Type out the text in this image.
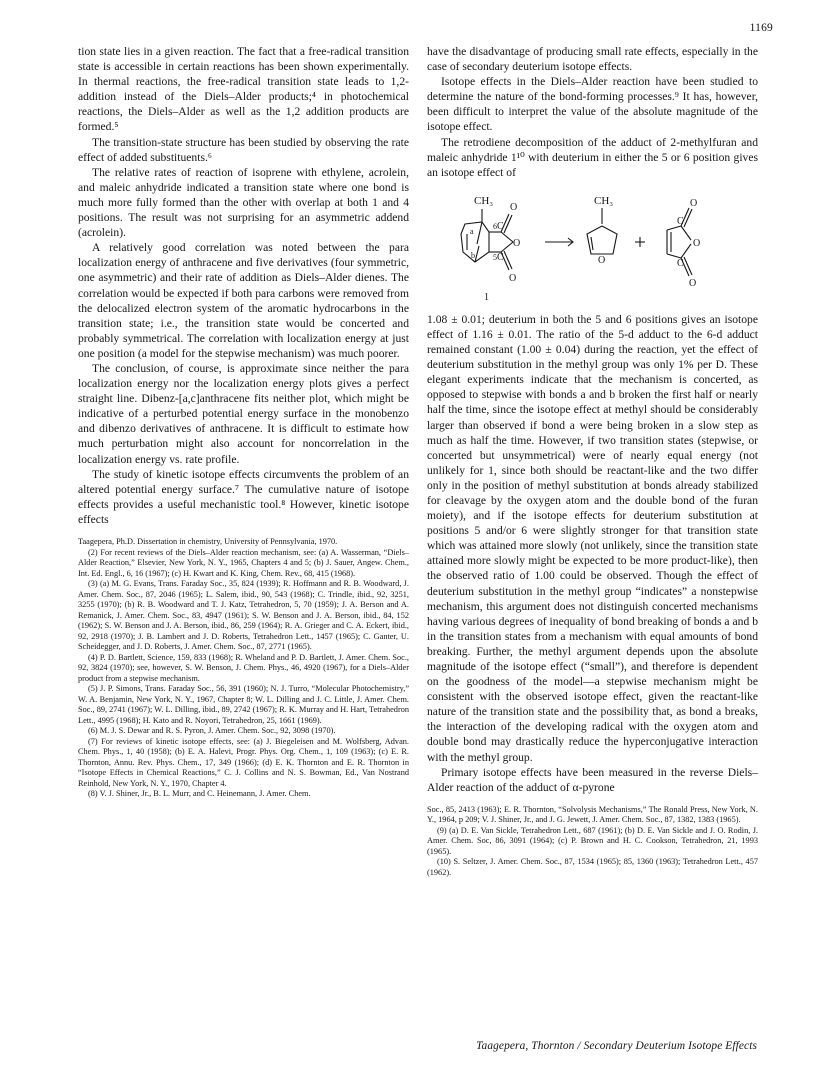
1169

tion state lies in a given reaction. The fact that a free-radical transition state is accessible in certain reactions has been shown experimentally. In thermal reactions, the free-radical transition state leads to 1,2-addition instead of the Diels–Alder products;⁴ in photochemical reactions, the Diels–Alder as well as the 1,2 addition products are formed.⁵

The transition-state structure has been studied by observing the rate effect of added substituents.⁶

The relative rates of reaction of isoprene with ethylene, acrolein, and maleic anhydride indicated a transition state where one bond is much more fully formed than the other with overlap at both 1 and 4 positions. The result was not surprising for an asymmetric addend (acrolein).

A relatively good correlation was noted between the para localization energy of anthracene and five derivatives (four symmetric, one asymmetric) and their rate of addition as Diels–Alder dienes. The correlation would be expected if both para carbons were removed from the delocalized electron system of the aromatic hydrocarbons in the transition state; i.e., the transition state would be concerted and probably symmetrical. The correlation with localization energy at just one position (a model for the stepwise mechanism) was much poorer.

The conclusion, of course, is approximate since neither the para localization energy nor the localization energy plots gives a perfect straight line. Dibenz-[a,c]anthracene fits neither plot, which might be indicative of a perturbed potential energy surface in the monobenzo and dibenzo derivatives of anthracene. It is difficult to estimate how much perturbation might also account for noncorrelation in the localization energy vs. rate profile.

The study of kinetic isotope effects circumvents the problem of an altered potential energy surface.⁷ The cumulative nature of isotope effects provides a useful mechanistic tool.⁸ However, kinetic isotope effects

Taagepera, Ph.D. Dissertation in chemistry, University of Pennsylvania, 1970.

(2) For recent reviews of the Diels–Alder reaction mechanism, see: (a) A. Wasserman, “Diels–Alder Reaction,” Elsevier, New York, N. Y., 1965, Chapters 4 and 5; (b) J. Sauer, Angew. Chem., Int. Ed. Engl., 6, 16 (1967); (c) H. Kwart and K. King, Chem. Rev., 68, 415 (1968).

(3) (a) M. G. Evans, Trans. Faraday Soc., 35, 824 (1939); R. Hoffmann and R. B. Woodward, J. Amer. Chem. Soc., 87, 2046 (1965); L. Salem, ibid., 90, 543 (1968); C. Trindle, ibid., 92, 3251, 3255 (1970); (b) R. B. Woodward and T. J. Katz, Tetrahedron, 5, 70 (1959); J. A. Berson and A. Remanick, J. Amer. Chem. Soc., 83, 4947 (1961); S. W. Benson and J. A. Berson, ibid., 84, 152 (1962); S. W. Benson and J. A. Berson, ibid., 86, 259 (1964); R. A. Grieger and C. A. Eckert, ibid., 92, 2918 (1970); J. B. Lambert and J. D. Roberts, Tetrahedron Lett., 1457 (1965); C. Ganter, U. Scheidegger, and J. D. Roberts, J. Amer. Chem. Soc., 87, 2771 (1965).

(4) P. D. Bartlett, Science, 159, 833 (1968); R. Wheland and P. D. Bartlett, J. Amer. Chem. Soc., 92, 3824 (1970); see, however, S. W. Benson, J. Chem. Phys., 46, 4920 (1967), for a Diels–Alder product from a stepwise mechanism.

(5) J. P. Simons, Trans. Faraday Soc., 56, 391 (1960); N. J. Turro, “Molecular Photochemistry,” W. A. Benjamin, New York, N. Y., 1967, Chapter 8; W. L. Dilling and J. C. Little, J. Amer. Chem. Soc., 89, 2741 (1967); W. L. Dilling, ibid., 89, 2742 (1967); R. K. Murray and H. Hart, Tetrahedron Lett., 4995 (1968); H. Kato and R. Noyori, Tetrahedron, 25, 1661 (1969).

(6) M. J. S. Dewar and R. S. Pyron, J. Amer. Chem. Soc., 92, 3098 (1970).

(7) For reviews of kinetic isotope effects, see: (a) J. Biegeleisen and M. Wolfsberg, Advan. Chem. Phys., 1, 40 (1958); (b) E. A. Halevi, Progr. Phys. Org. Chem., 1, 109 (1963); (c) E. R. Thornton, Annu. Rev. Phys. Chem., 17, 349 (1966); (d) E. K. Thornton and E. R. Thornton in “Isotope Effects in Chemical Reactions,” C. J. Collins and N. S. Bowman, Ed., Van Nostrand Reinhold, New York, N. Y., 1970, Chapter 4.

(8) V. J. Shiner, Jr., B. L. Murr, and C. Heinemann, J. Amer. Chem.

have the disadvantage of producing small rate effects, especially in the case of secondary deuterium isotope effects.

Isotope effects in the Diels–Alder reaction have been studied to determine the nature of the bond-forming processes.⁹ It has, however, been difficult to interpret the value of the absolute magnitude of the isotope effect.

The retrodiene decomposition of the adduct of 2-methylfuran and maleic anhydride 1¹⁰ with deuterium in either the 5 or 6 position gives an isotope effect of

CH₃
6
5
a
b
C
C
O
O
O
1
CH₃
O
C
C
O
O
O

1.08 ± 0.01; deuterium in both the 5 and 6 positions gives an isotope effect of 1.16 ± 0.01. The ratio of the 5-d adduct to the 6-d adduct remained constant (1.00 ± 0.04) during the reaction, yet the effect of deuterium substitution in the methyl group was only 1% per D. These elegant experiments indicate that the mechanism is concerted, as opposed to stepwise with bonds a and b broken the first half or nearly half the time, since the isotope effect at methyl should be considerably larger than observed if bond a were being broken in a slow step as much as half the time. However, if two transition states (stepwise, or concerted but unsymmetrical) were of nearly equal energy (not unlikely for 1, since both should be reactant-like and the two differ only in the position of methyl substitution at bonds already stabilized for cleavage by the oxygen atom and the double bond of the furan moiety), and if the isotope effects for deuterium substitution at positions 5 and/or 6 were slightly stronger for that transition state which was attained more slowly (not unlikely, since the transition state attained more slowly might be expected to be more product-like), then the observed ratio of 1.00 could be observed. Though the effect of deuterium substitution in the methyl group “indicates” a nonstepwise mechanism, this argument does not distinguish concerted mechanisms having various degrees of inequality of bond breaking of bonds a and b in the transition states from a mechanism with equal amounts of bond breaking. Further, the methyl argument depends upon the absolute magnitude of the isotope effect (“small”), and therefore is dependent on the goodness of the model—a stepwise mechanism might be consistent with the observed isotope effect, given the reactant-like nature of the transition state and the possibility that, as bond a breaks, the interaction of the developing radical with the oxygen atom and double bond may drastically reduce the hyperconjugative interaction with the methyl group.

Primary isotope effects have been measured in the reverse Diels–Alder reaction of the adduct of α-pyrone

Soc., 85, 2413 (1963); E. R. Thornton, “Solvolysis Mechanisms,” The Ronald Press, New York, N. Y., 1964, p 209; V. J. Shiner, Jr., and J. G. Jewett, J. Amer. Chem. Soc., 87, 1382, 1383 (1965).

(9) (a) D. E. Van Sickle, Tetrahedron Lett., 687 (1961); (b) D. E. Van Sickle and J. O. Rodin, J. Amer. Chem. Soc, 86, 3091 (1964); (c) P. Brown and H. C. Cookson, Tetrahedron, 21, 1993 (1965).

(10) S. Seltzer, J. Amer. Chem. Soc., 87, 1534 (1965); 85, 1360 (1963); Tetrahedron Lett., 457 (1962).

Taagepera, Thornton / Secondary Deuterium Isotope Effects
